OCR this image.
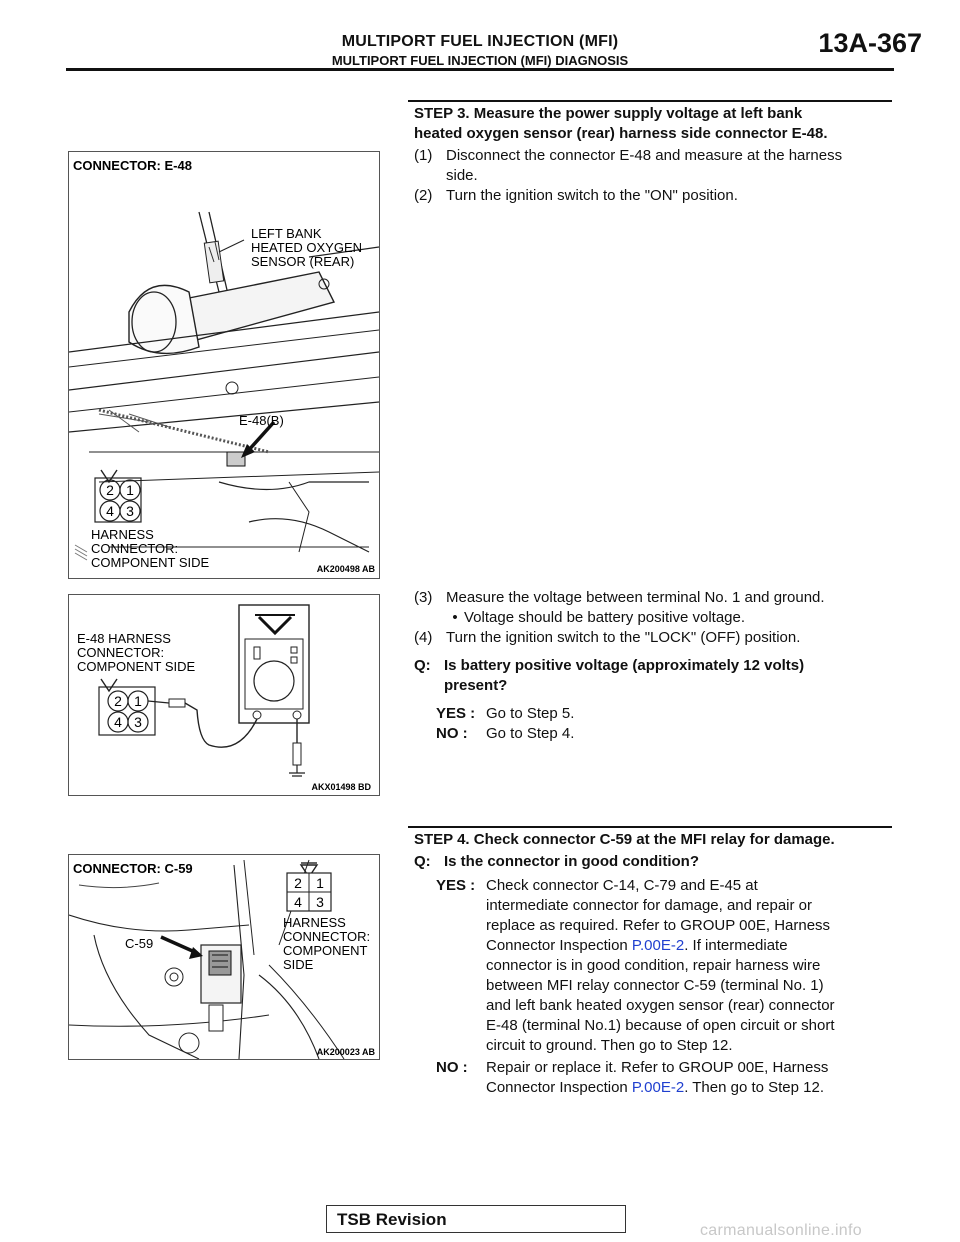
MULTIPORT FUEL INJECTION (MFI)
MULTIPORT FUEL INJECTION (MFI) DIAGNOSIS
13A-367
2 1
4 3
CONNECTOR: E-48
LEFT BANK
HEATED OXYGEN
SENSOR (REAR)
E-48(B)
HARNESS
CONNECTOR:
COMPONENT SIDE	AK200498 AB
2 1
4 3
E-48 HARNESS
CONNECTOR:
COMPONENT SIDE
AKX01498 BD
2 1
4 3
CONNECTOR: C-59
C-59
HARNESS
CONNECTOR:
COMPONENT
SIDE
AK200023 AB
STEP 3. Measure the power supply voltage at left bank
heated oxygen sensor (rear) harness side connector E-48.
(1) Disconnect the connector E-48 and measure at the harness
side.
(2) Turn the ignition switch to the "ON" position.
(3) Measure the voltage between terminal No. 1 and ground.
• Voltage should be battery positive voltage.
(4) Turn the ignition switch to the "LOCK" (OFF) position.
Q: Is battery positive voltage (approximately 12 volts)
present?
YES : Go to Step 5.
NO :	Go to Step 4.
STEP 4. Check connector C-59 at the MFI relay for damage.
Q: Is the connector in good condition?
YES : Check connector C-14, C-79 and E-45 at
intermediate connector for damage, and repair or
replace as required. Refer to GROUP 00E, Harness
Connector Inspection P.00E-2. If intermediate
connector is in good condition, repair harness wire
between MFI relay connector C-59 (terminal No. 1)
and left bank heated oxygen sensor (rear) connector
E-48 (terminal No.1) because of open circuit or short
circuit to ground. Then go to Step 12.
NO :	Repair or replace it. Refer to GROUP 00E, Harness
Connector Inspection P.00E-2. Then go to Step 12.
TSB Revision
carmanualsonline.info
